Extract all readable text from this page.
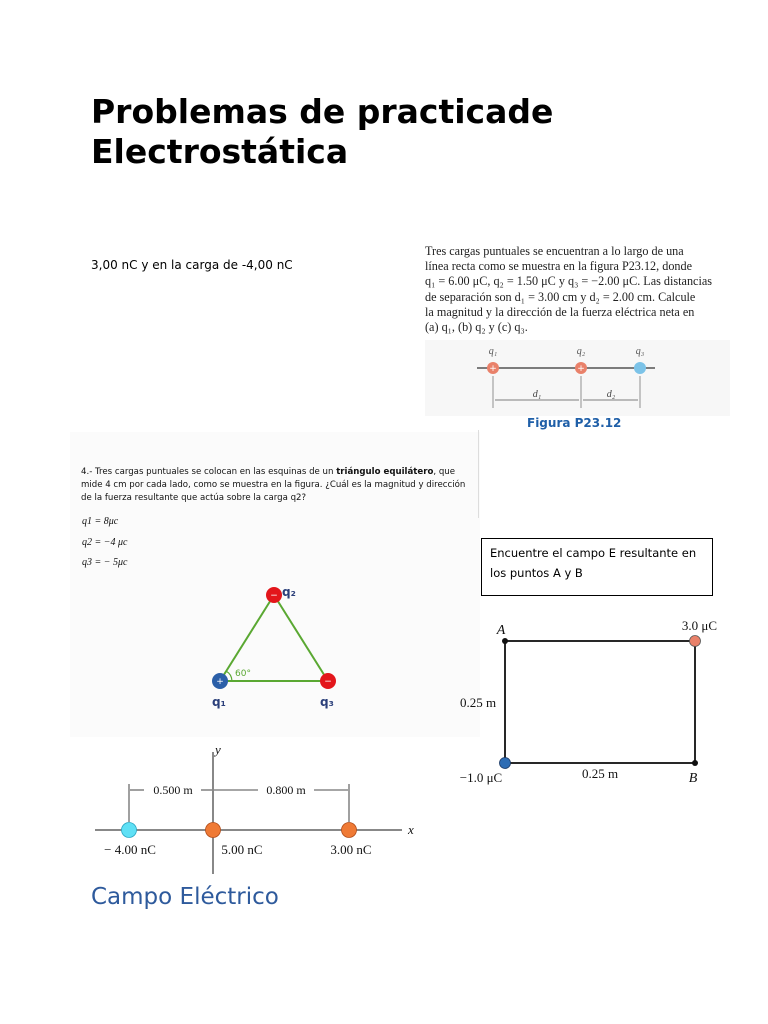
Problemas de practicade
Electrostática
3,00 nC y en la carga de -4,00 nC
Tres cargas puntuales se encuentran a lo largo de una
línea recta como se muestra en la figura P23.12, donde
q₁ = 6.00 μC, q₂ = 1.50 μC y q₃ = −2.00 μC. Las distancias
de separación son d₁ = 3.00 cm y d₂ = 2.00 cm. Calcule
la magnitud y la dirección de la fuerza eléctrica neta en
(a) q₁, (b) q₂ y (c) q₃.
+	+
q₁	q₂	q₃
d₁	d₂
Figura P23.12
4.- Tres cargas puntuales se colocan en las esquinas de un triángulo equilátero, que mide 4 cm por cada lado, como se muestra en la figura. ¿Cuál es la magnitud y dirección de la fuerza resultante que actúa sobre la carga q2?
q1 = 8μc
q2 = −4 μc
q3 = − 5μc
60°
−
+	−
q₂
q₁	q₃
Encuentre el campo E resultante en los puntos A y B
A
B
3.0 μC
−1.0 μC
0.25 m
0.25 m
y
x
0.500 m	0.800 m
− 4.00 nC	5.00 nC	3.00 nC
Campo Eléctrico
